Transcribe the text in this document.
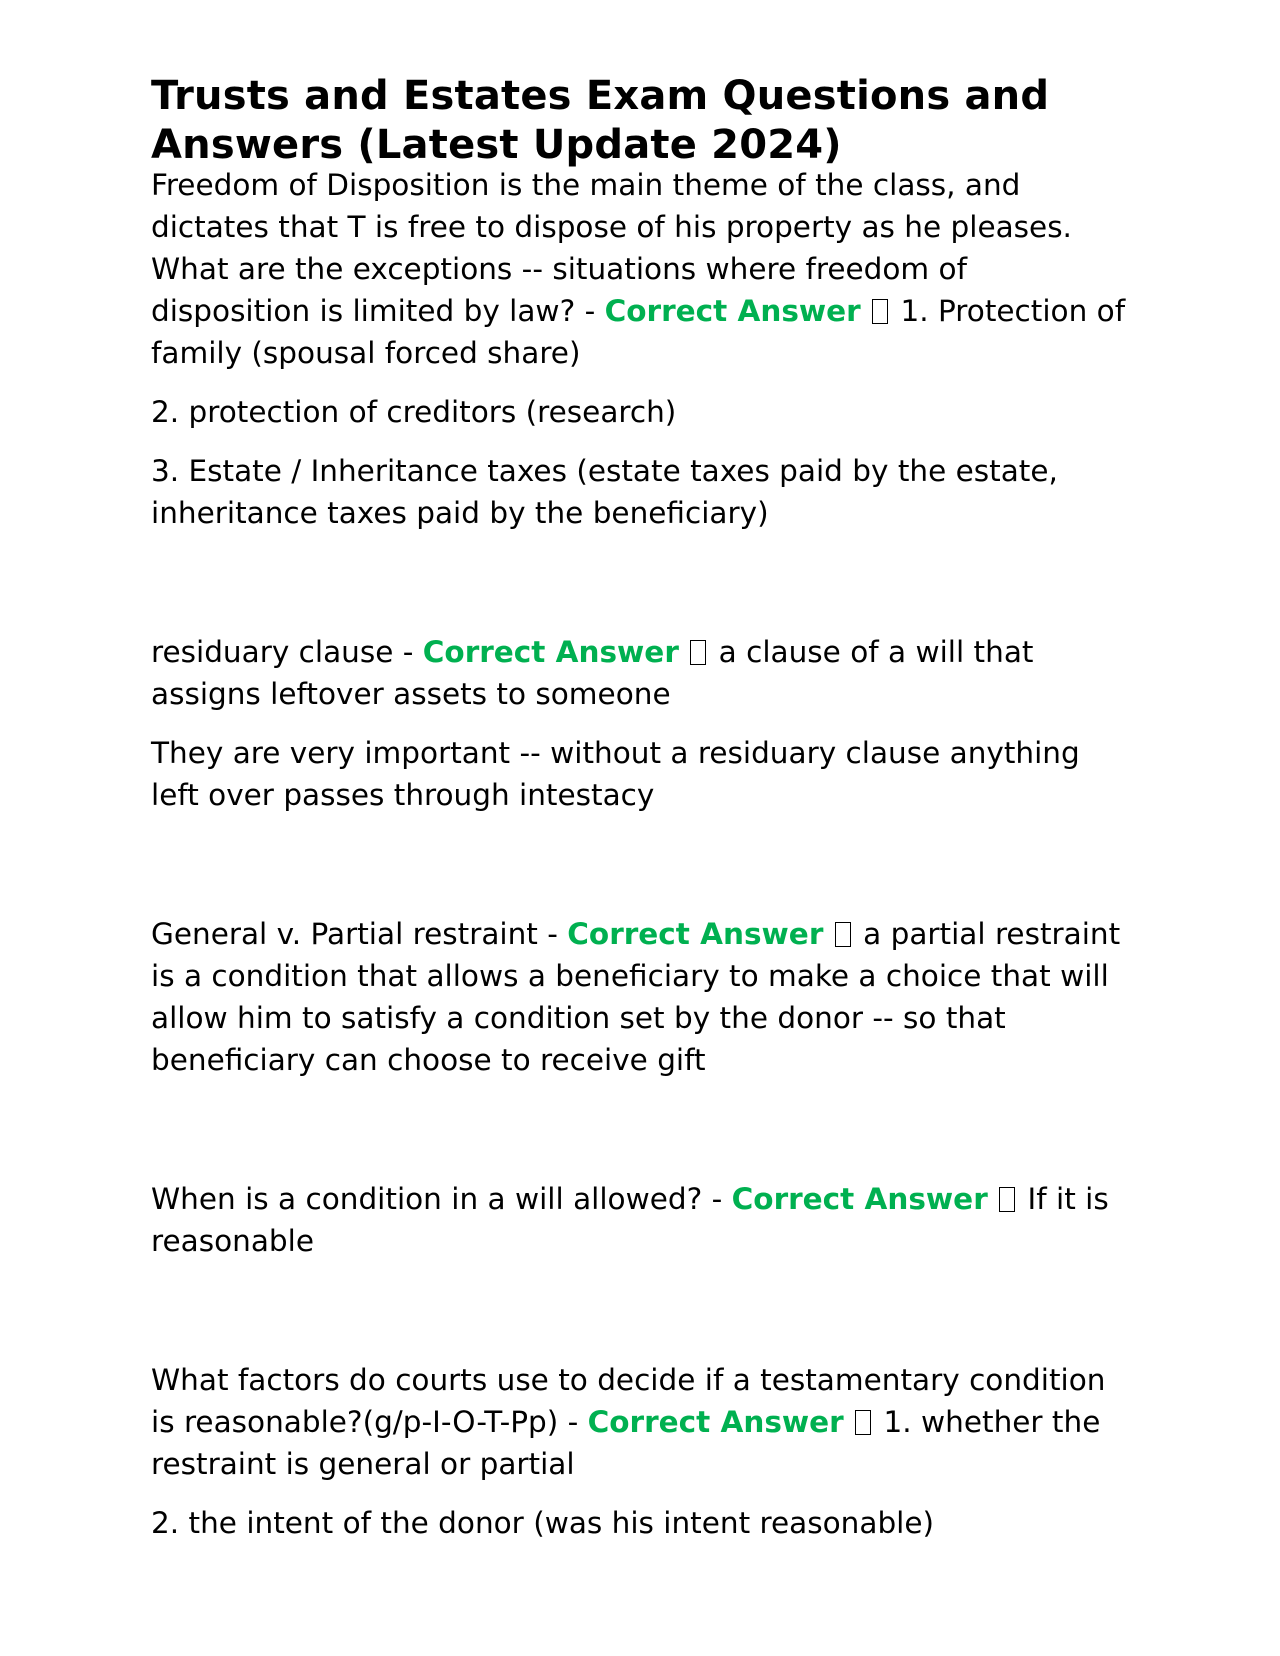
Trusts and Estates Exam Questions and Answers (Latest Update 2024)

Freedom of Disposition is the main theme of the class, and dictates that T is free to dispose of his property as he pleases. What are the exceptions -- situations where freedom of disposition is limited by law? - Correct Answer 1. Protection of family (spousal forced share)

2. protection of creditors (research)

3. Estate / Inheritance taxes (estate taxes paid by the estate, inheritance taxes paid by the beneficiary)

residuary clause - Correct Answer a clause of a will that assigns leftover assets to someone

They are very important -- without a residuary clause anything left over passes through intestacy

General v. Partial restraint - Correct Answer a partial restraint is a condition that allows a beneficiary to make a choice that will allow him to satisfy a condition set by the donor -- so that beneficiary can choose to receive gift

When is a condition in a will allowed? - Correct Answer If it is reasonable

What factors do courts use to decide if a testamentary condition is reasonable?(g/p-I-O-T-Pp) - Correct Answer 1. whether the restraint is general or partial

2. the intent of the donor (was his intent reasonable)
